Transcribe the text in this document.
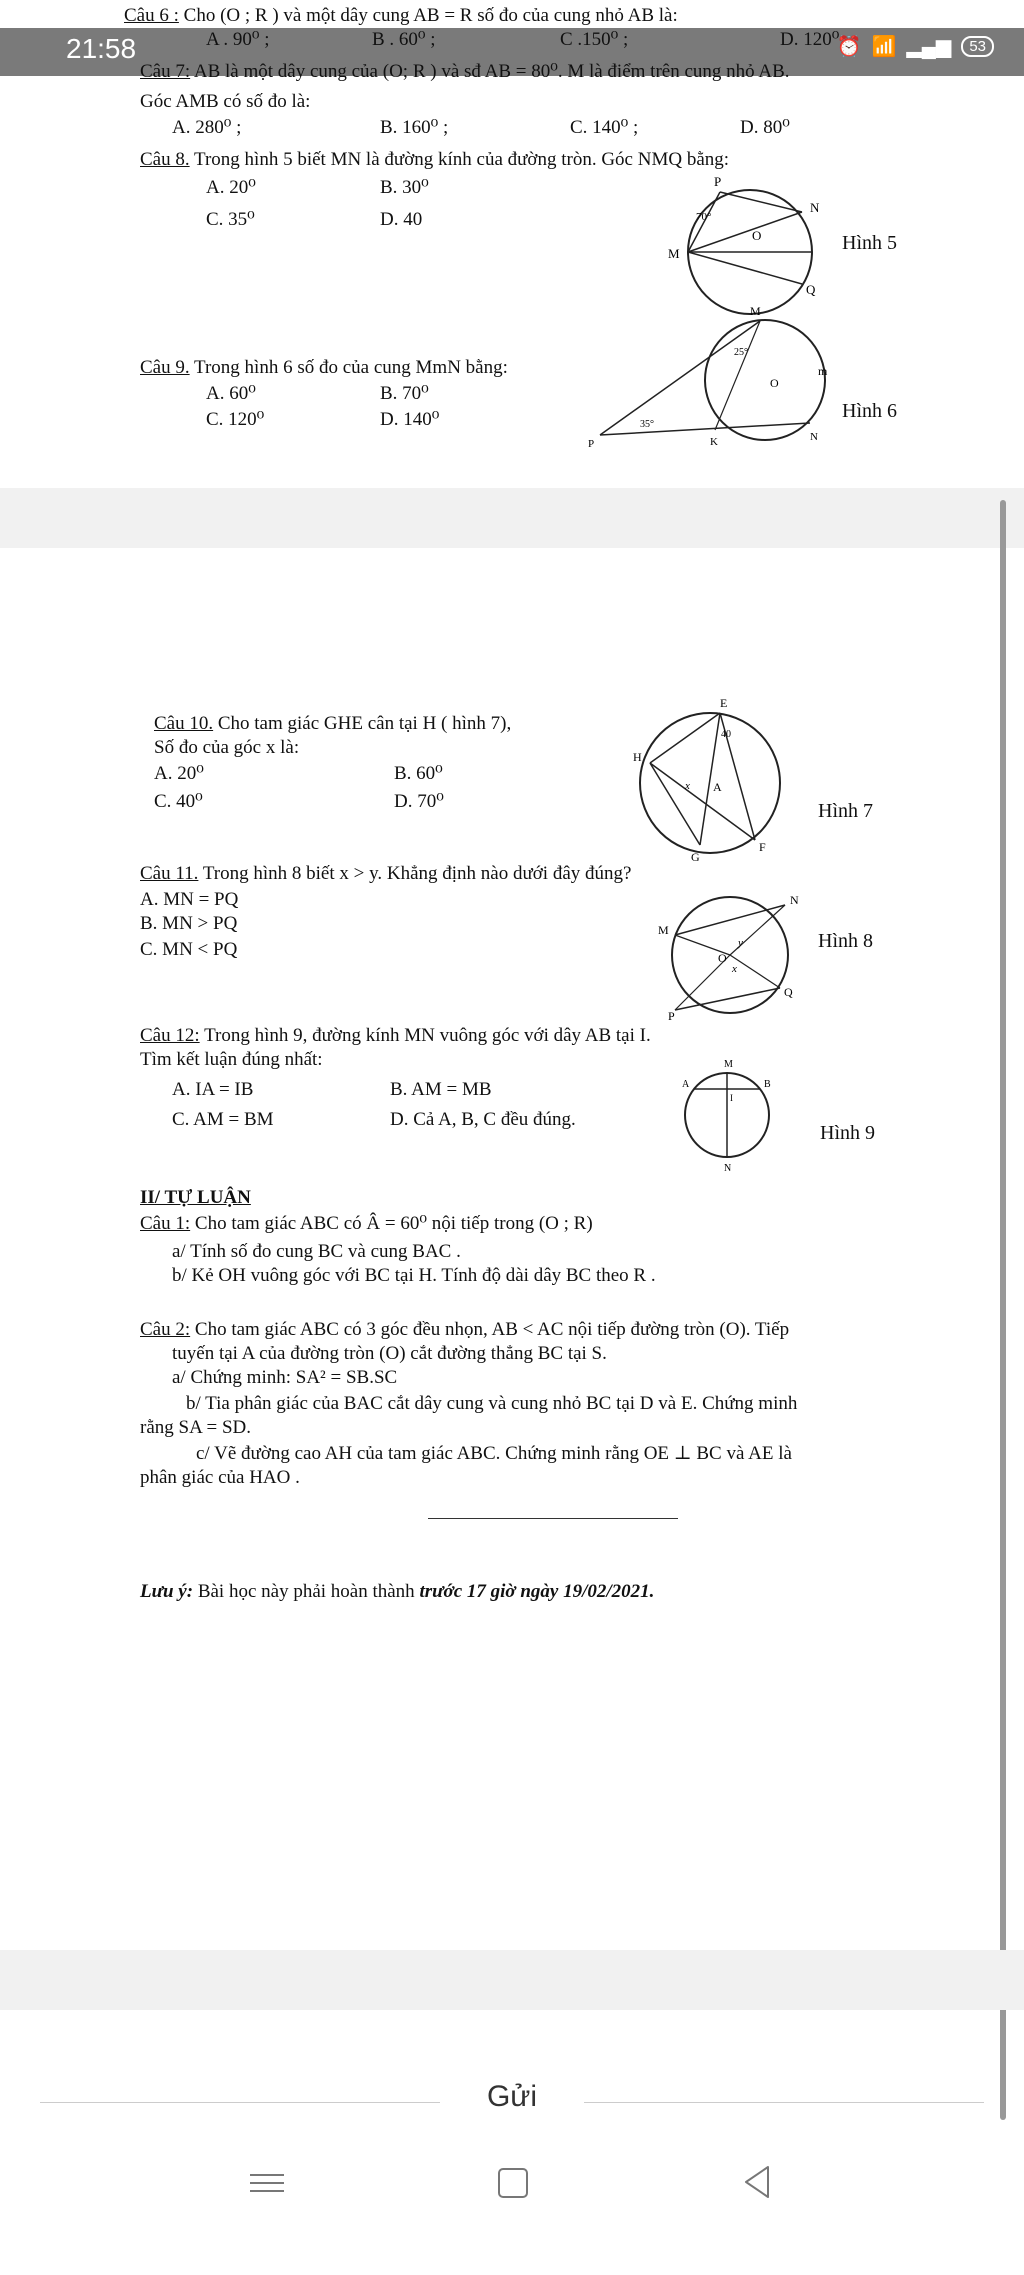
21:58	⏰ 📶 ▂▄▆	53

Câu 6 : Cho (O ; R ) và một dây cung AB = R số đo của cung nhỏ AB là:

A . 90⁰ ;	B . 60⁰ ;	C .150⁰ ;	D. 120⁰

Câu 7: AB là một dây cung của (O; R ) và sđ AB = 80⁰. M là điểm trên cung nhỏ AB.

Góc AMB có số đo là:
A. 280⁰ ;	B. 160⁰ ;	C. 140⁰ ;	D. 80⁰

Câu 8. Trong hình 5 biết MN là đường kính của đường tròn. Góc NMQ bằng:

A. 20⁰	B. 30⁰
C. 35⁰	D. 40
P
N
M
Q
O
70°
Hình 5

Câu 9. Trong hình 6 số đo của cung MmN bằng:

A. 60⁰	B. 70⁰
C. 120⁰	D. 140⁰
M
m
O
K	N
P
25°
35°
Hình 6

Câu 10. Cho tam giác GHE cân tại H ( hình 7),

Số đo của góc x là:
A. 20⁰	B. 60⁰
C. 40⁰	D. 70⁰
E
H
A
G
F
x
40
Hình 7

Câu 11. Trong hình 8 biết x > y. Khẳng định nào dưới đây đúng?

A. MN = PQ
B. MN > PQ
C. MN < PQ
M
N
O
y
x
P
Q
Hình 8

Câu 12: Trong hình 9, đường kính MN vuông góc với dây AB tại I.

Tìm kết luận đúng nhất:
A. IA = IB	B. AM = MB
C. AM = BM	D. Cả A, B, C đều đúng.
M
A	B
I
N
Hình 9
II/ TỰ LUẬN

Câu 1: Cho tam giác ABC có Â = 60⁰ nội tiếp trong (O ; R)

a/ Tính số đo cung BC và cung BAC .
b/ Kẻ OH vuông góc với BC tại H. Tính độ dài dây BC theo R .

Câu 2: Cho tam giác ABC có 3 góc đều nhọn, AB < AC nội tiếp đường tròn (O). Tiếp

tuyến tại A của đường tròn (O) cắt đường thẳng BC tại S.
a/ Chứng minh: SA² = SB.SC
b/ Tia phân giác của BAC cắt dây cung và cung nhỏ BC tại D và E. Chứng minh
rằng SA = SD.
c/ Vẽ đường cao AH của tam giác ABC. Chứng minh rằng OE ⊥ BC và AE là
phân giác của HAO .

Lưu ý: Bài học này phải hoàn thành trước 17 giờ ngày 19/02/2021.

Gửi
